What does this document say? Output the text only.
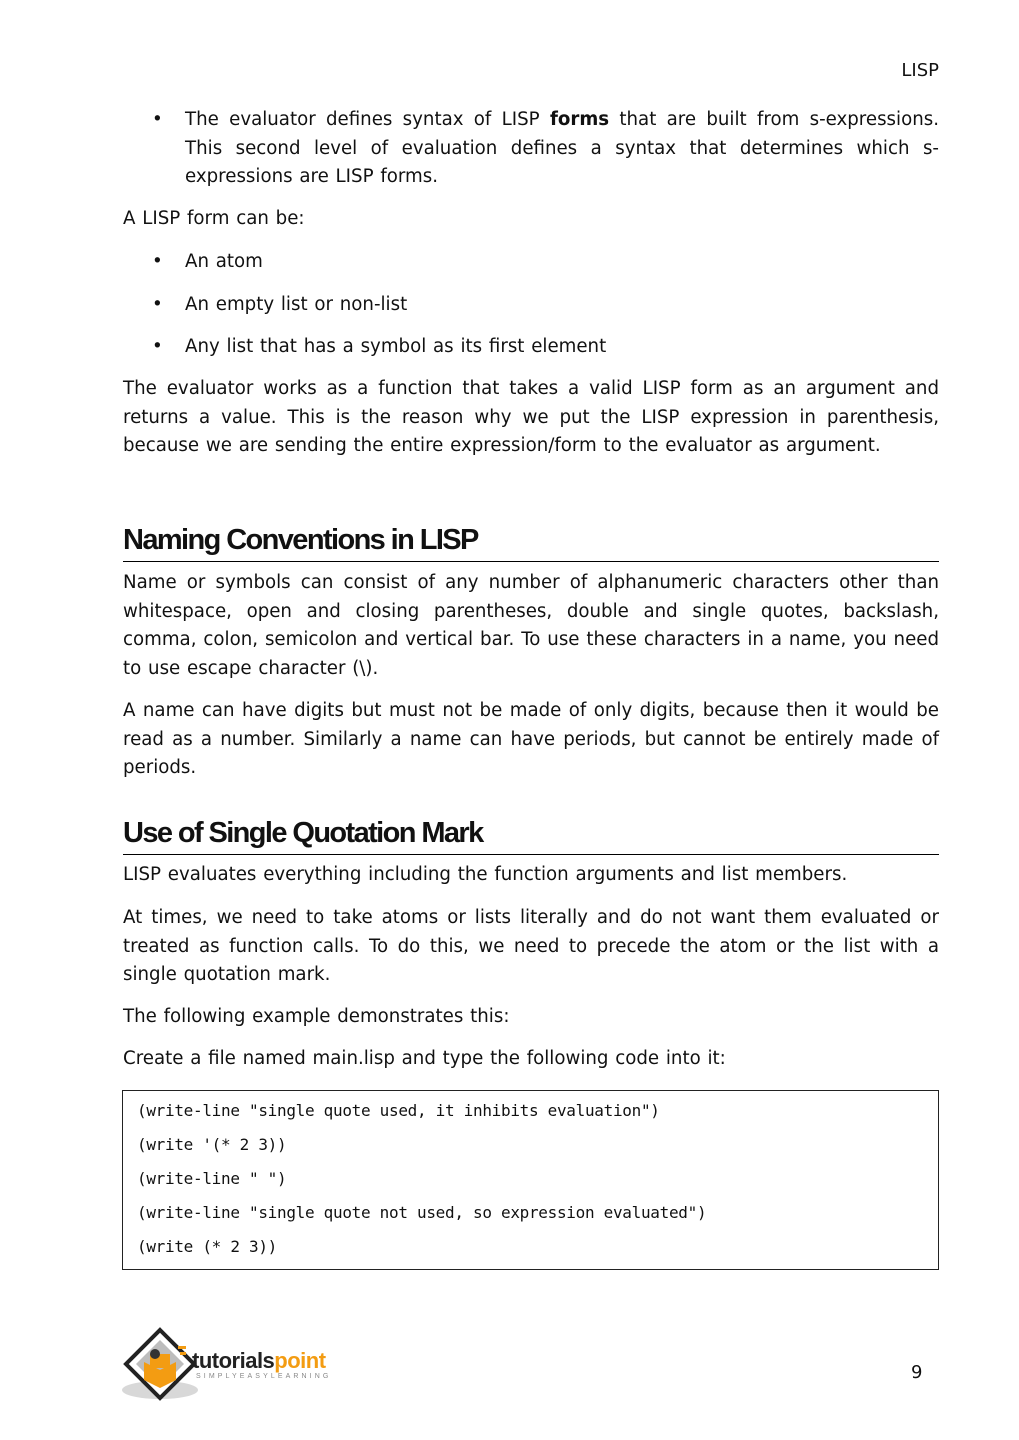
LISP
• The evaluator defines syntax of LISP forms that are built from s-expressions. This second level of evaluation defines a syntax that determines which s-expressions are LISP forms.

A LISP form can be:

• An atom
• An empty list or non-list
• Any list that has a symbol as its first element

The evaluator works as a function that takes a valid LISP form as an argument and returns a value. This is the reason why we put the LISP expression in parenthesis, because we are sending the entire expression/form to the evaluator as argument.

Naming Conventions in LISP

Name or symbols can consist of any number of alphanumeric characters other than whitespace, open and closing parentheses, double and single quotes, backslash, comma, colon, semicolon and vertical bar. To use these characters in a name, you need to use escape character (\).

A name can have digits but must not be made of only digits, because then it would be read as a number. Similarly a name can have periods, but cannot be entirely made of periods.

Use of Single Quotation Mark

LISP evaluates everything including the function arguments and list members.

At times, we need to take atoms or lists literally and do not want them evaluated or treated as function calls. To do this, we need to precede the atom or the list with a single quotation mark.

The following example demonstrates this:

Create a file named main.lisp and type the following code into it:

(write-line "single quote used, it inhibits evaluation")
(write '(* 2 3))
(write-line " ")
(write-line "single quote not used, so expression evaluated")
(write (* 2 3))
tutorialspoint
SIMPLYEASYLEARNING	9
